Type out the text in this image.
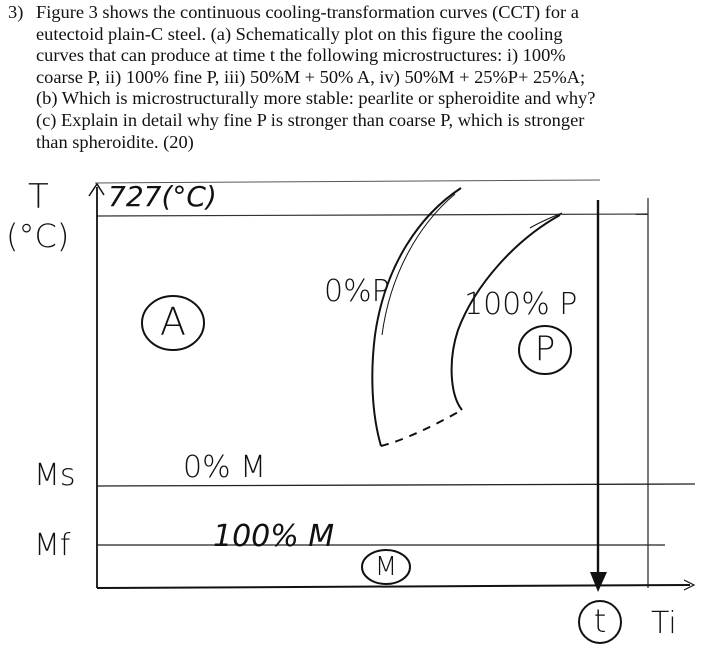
3) Figure 3 shows the continuous cooling-transformation curves (CCT) for a

eutectoid plain-C steel. (a) Schematically plot on this figure the cooling

curves that can produce at time t the following microstructures: i) 100%

coarse P, ii) 100% fine P, iii) 50%M + 50% A, iv) 50%M + 25%P+ 25%A;

(b) Which is microstructurally more stable: pearlite or spheroidite and why?

(c) Explain in detail why fine P is stronger than coarse P, which is stronger

than spheroidite. (20)

T
(°C)
727(°C)
0%P 100% P
Ms
Mf
0% M
100% M
Ti
A
P
M
t
